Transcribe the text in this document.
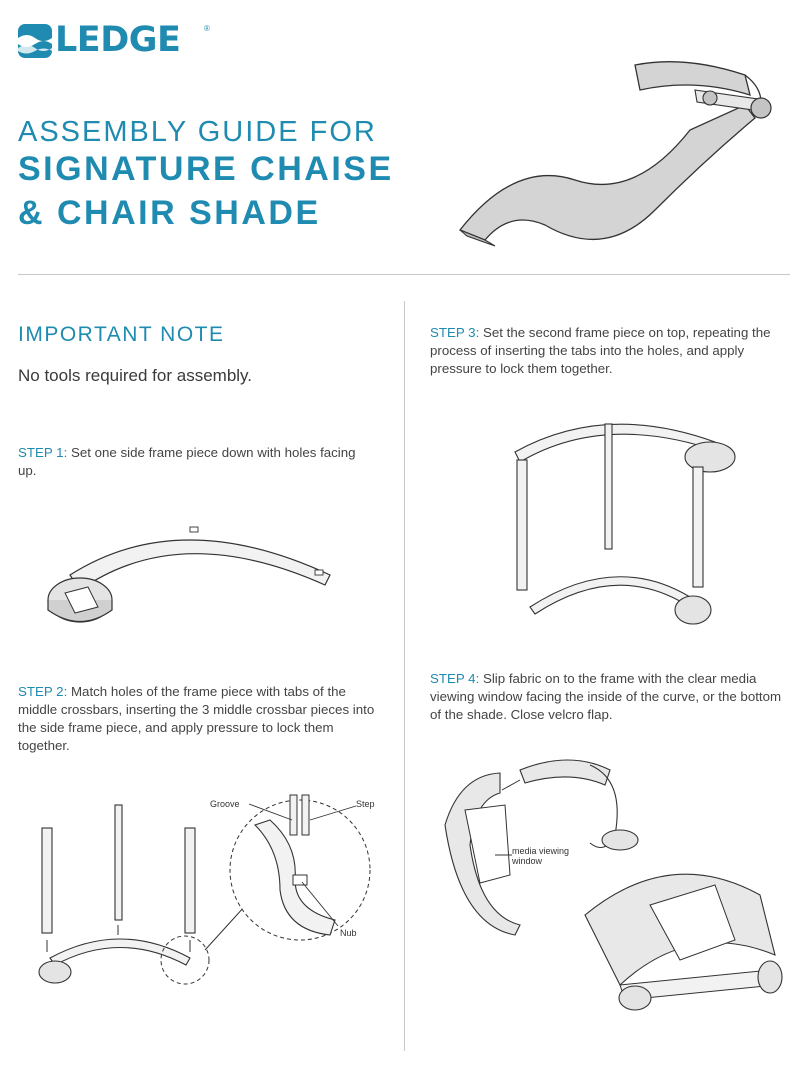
LEDGE	®
ASSEMBLY GUIDE FOR
SIGNATURE CHAISE
& CHAIR SHADE
IMPORTANT NOTE
No tools required for assembly.
STEP 1: Set one side frame piece down with holes facing up.
STEP 2: Match holes of the frame piece with tabs of the middle crossbars, inserting the 3 middle crossbar pieces into the side frame piece, and apply pressure to lock them together.
Groove	Step
Nub
STEP 3: Set the second frame piece on top, repeating the process of inserting the tabs into the holes, and apply pressure to lock them together.
STEP 4: Slip fabric on to the frame with the clear media viewing window facing the inside of the curve, or the bottom of the shade. Close velcro flap.
media viewing
window
